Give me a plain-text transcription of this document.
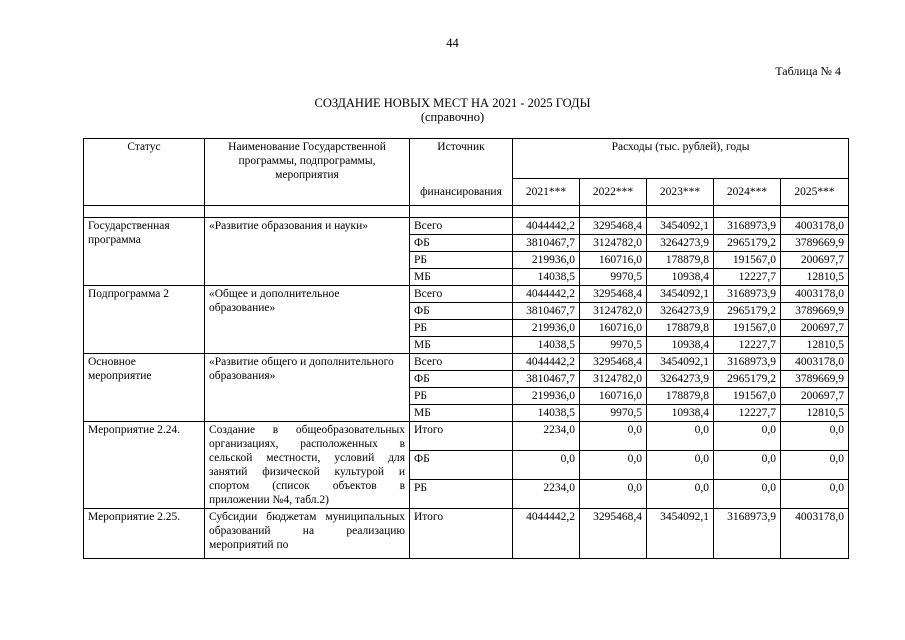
44
Таблица № 4
СОЗДАНИЕ НОВЫХ МЕСТ НА 2021 - 2025 ГОДЫ
(справочно)
Статус	Наименование Государственной программы, подпрограммы, мероприятия	Источник	Расходы (тыс. рублей), годы				
		финансирования	2021***	2022***	2023***	2024***	2025***

Государственная программа	«Развитие образования и науки»	Всего	4044442,2	3295468,4	3454092,1	3168973,9	4003178,0
		ФБ	3810467,7	3124782,0	3264273,9	2965179,2	3789669,9
		РБ	219936,0	160716,0	178879,8	191567,0	200697,7
		МБ	14038,5	9970,5	10938,4	12227,7	12810,5
Подпрограмма 2	«Общее и дополнительное образование»	Всего	4044442,2	3295468,4	3454092,1	3168973,9	4003178,0
		ФБ	3810467,7	3124782,0	3264273,9	2965179,2	3789669,9
		РБ	219936,0	160716,0	178879,8	191567,0	200697,7
		МБ	14038,5	9970,5	10938,4	12227,7	12810,5
Основное мероприятие	«Развитие общего и дополнительного образования»	Всего	4044442,2	3295468,4	3454092,1	3168973,9	4003178,0
		ФБ	3810467,7	3124782,0	3264273,9	2965179,2	3789669,9
		РБ	219936,0	160716,0	178879,8	191567,0	200697,7
		МБ	14038,5	9970,5	10938,4	12227,7	12810,5
Мероприятие 2.24.	Создание в общеобразовательных организациях, расположенных в сельской местности, условий для занятий физической культурой и спортом (список объектов в приложении №4, табл.2)	Итого	2234,0	0,0	0,0	0,0	0,0
		ФБ	0,0	0,0	0,0	0,0	0,0
		РБ	2234,0	0,0	0,0	0,0	0,0
Мероприятие 2.25.	Субсидии бюджетам муниципальных образований на реализацию мероприятий по	Итого	4044442,2	3295468,4	3454092,1	3168973,9	4003178,0
